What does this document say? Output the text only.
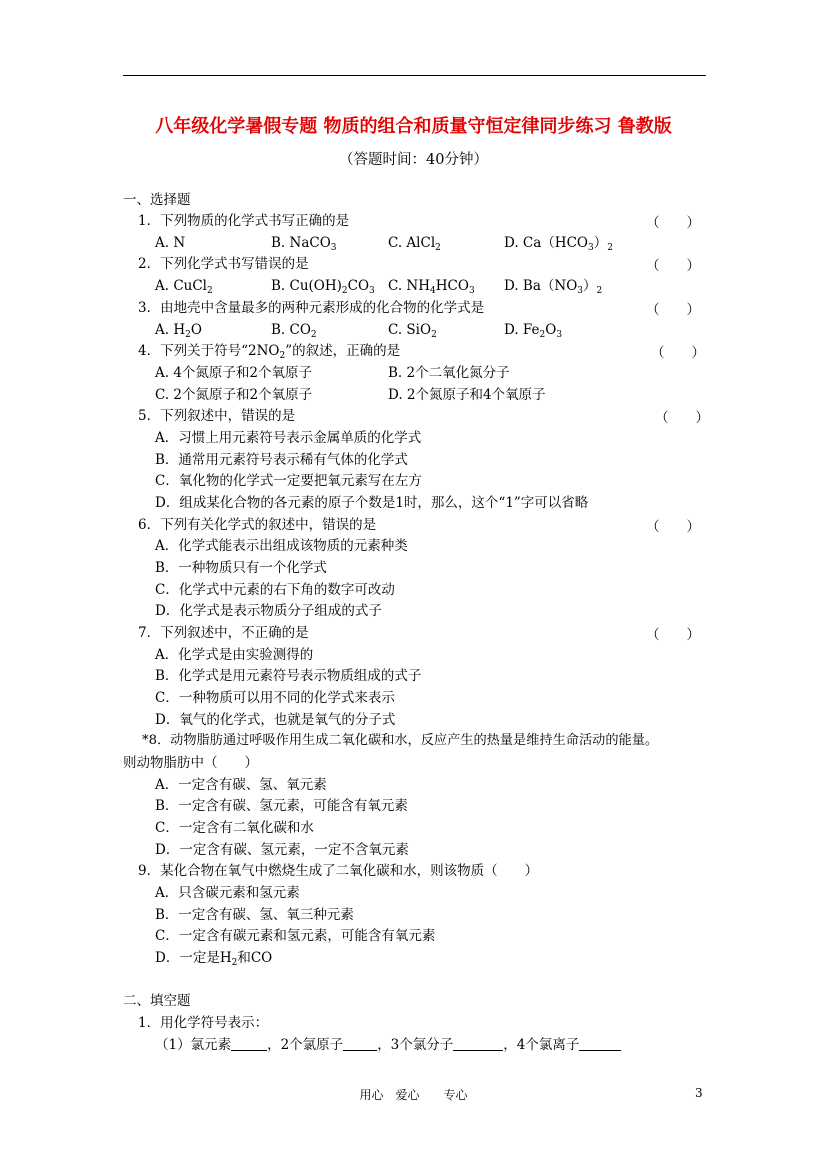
八年级化学暑假专题 物质的组合和质量守恒定律同步练习 鲁教版
（答题时间：40分钟）
一、选择题
1．下列物质的化学式书写正确的是	（　　）
A. N	B. NaCO$_3$	C. AlCl$_2$	D. $Ca(HCO_3)_2$
2．下列化学式书写错误的是	（　　）
A. CuCl$_2$	B. $Cu(OH)_2CO_3$ C. $NH_4HCO_3$ D. $Ba(NO_3)_2$
3．由地壳中含量最多的两种元素形成的化合物的化学式是	（　　）
A. $H_2O$	B. $CO_2$	C. SiO$_2$	D. $Fe_2O_3$
4．下列关于符号“$2NO_2$”的叙述，正确的是	（　　）
A. 4个氮原子和2个氧原子	B. 2个二氧化氮分子
C. 2个氮原子和2个氧原子	D. 2个氮原子和4个氧原子
5．下列叙述中，错误的是	（　　）
A．习惯上用元素符号表示金属单质的化学式
B．通常用元素符号表示稀有气体的化学式
C．氧化物的化学式一定要把氧元素写在左方
D．组成某化合物的各元素的原子个数是1时，那么，这个“1”字可以省略
6．下列有关化学式的叙述中，错误的是	（　　）
A．化学式能表示出组成该物质的元素种类
B．一种物质只有一个化学式
C．化学式中元素的右下角的数字可改动
D．化学式是表示物质分子组成的式子
7．下列叙述中，不正确的是	（　　）
A．化学式是由实验测得的
B．化学式是用元素符号表示物质组成的式子
C．一种物质可以用不同的化学式来表示
D．氧气的化学式，也就是氧气的分子式
*8．动物脂肪通过呼吸作用生成二氧化碳和水，反应产生的热量是维持生命活动的能量。
则动物脂肪中（　　）
A．一定含有碳、氢、氧元素
B．一定含有碳、氢元素，可能含有氧元素
C．一定含有二氧化碳和水
D．一定含有碳、氢元素，一定不含氧元素
9．某化合物在氧气中燃烧生成了二氧化碳和水，则该物质（　　）
A．只含碳元素和氢元素
B．一定含有碳、氢、氧三种元素
C．一定含有碳元素和氢元素，可能含有氧元素
D．一定是$H_2$和CO
二、填空题
1．用化学符号表示：
（1）氯元素	，2个氯原子	，3个氯分子	，4个氯离子
用心　爱心　　专心	3
